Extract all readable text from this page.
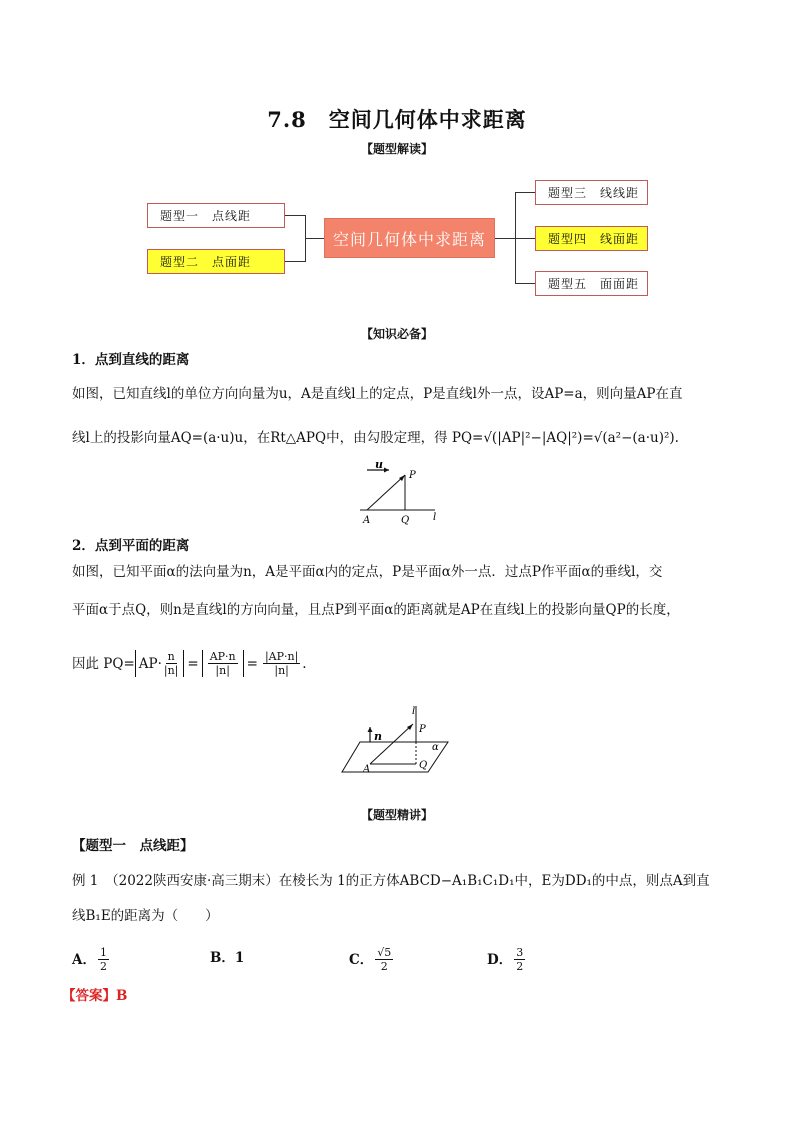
7.8　空间几何体中求距离
【题型解读】
题型一　点线距
题型二　点面距
空间几何体中求距离
题型三　线线距
题型四　线面距
题型五　面面距
【知识必备】
1．点到直线的距离
如图，已知直线l的单位方向向量为u，A是直线l上的定点，P是直线l外一点，设AP=a，则向量AP在直
线l上的投影向量AQ=(a·u)u，在Rt△APQ中，由勾股定理，得 PQ=√(|AP|²−|AQ|²)=√(a²−(a·u)²).
u
P
A	Q l
2．点到平面的距离
如图，已知平面α的法向量为n，A是平面α内的定点，P是平面α外一点．过点P作平面α的垂线l，交
平面α于点Q，则n是直线l的方向向量，且点P到平面α的距离就是AP在直线l上的投影向量QP的长度，
因此 $PQ= AP\cdot \frac{n}{|n|} = \frac{AP\cdot n}{|n|} = \frac{|AP\cdot n|}{|n|}$ .
l
n
P
α
A	Q
【题型精讲】
【题型一　点线距】
例 1　（2022陕西安康·高三期末）在棱长为 1的正方体ABCD−A₁B₁C₁D₁中，E为DD₁的中点，则点A到直
线B₁E的距离为（　　）
A． $\frac{1}{2}$	B．1	C． $\frac{√5}{2}$	D． $\frac{3}{2}$
【答案】B
